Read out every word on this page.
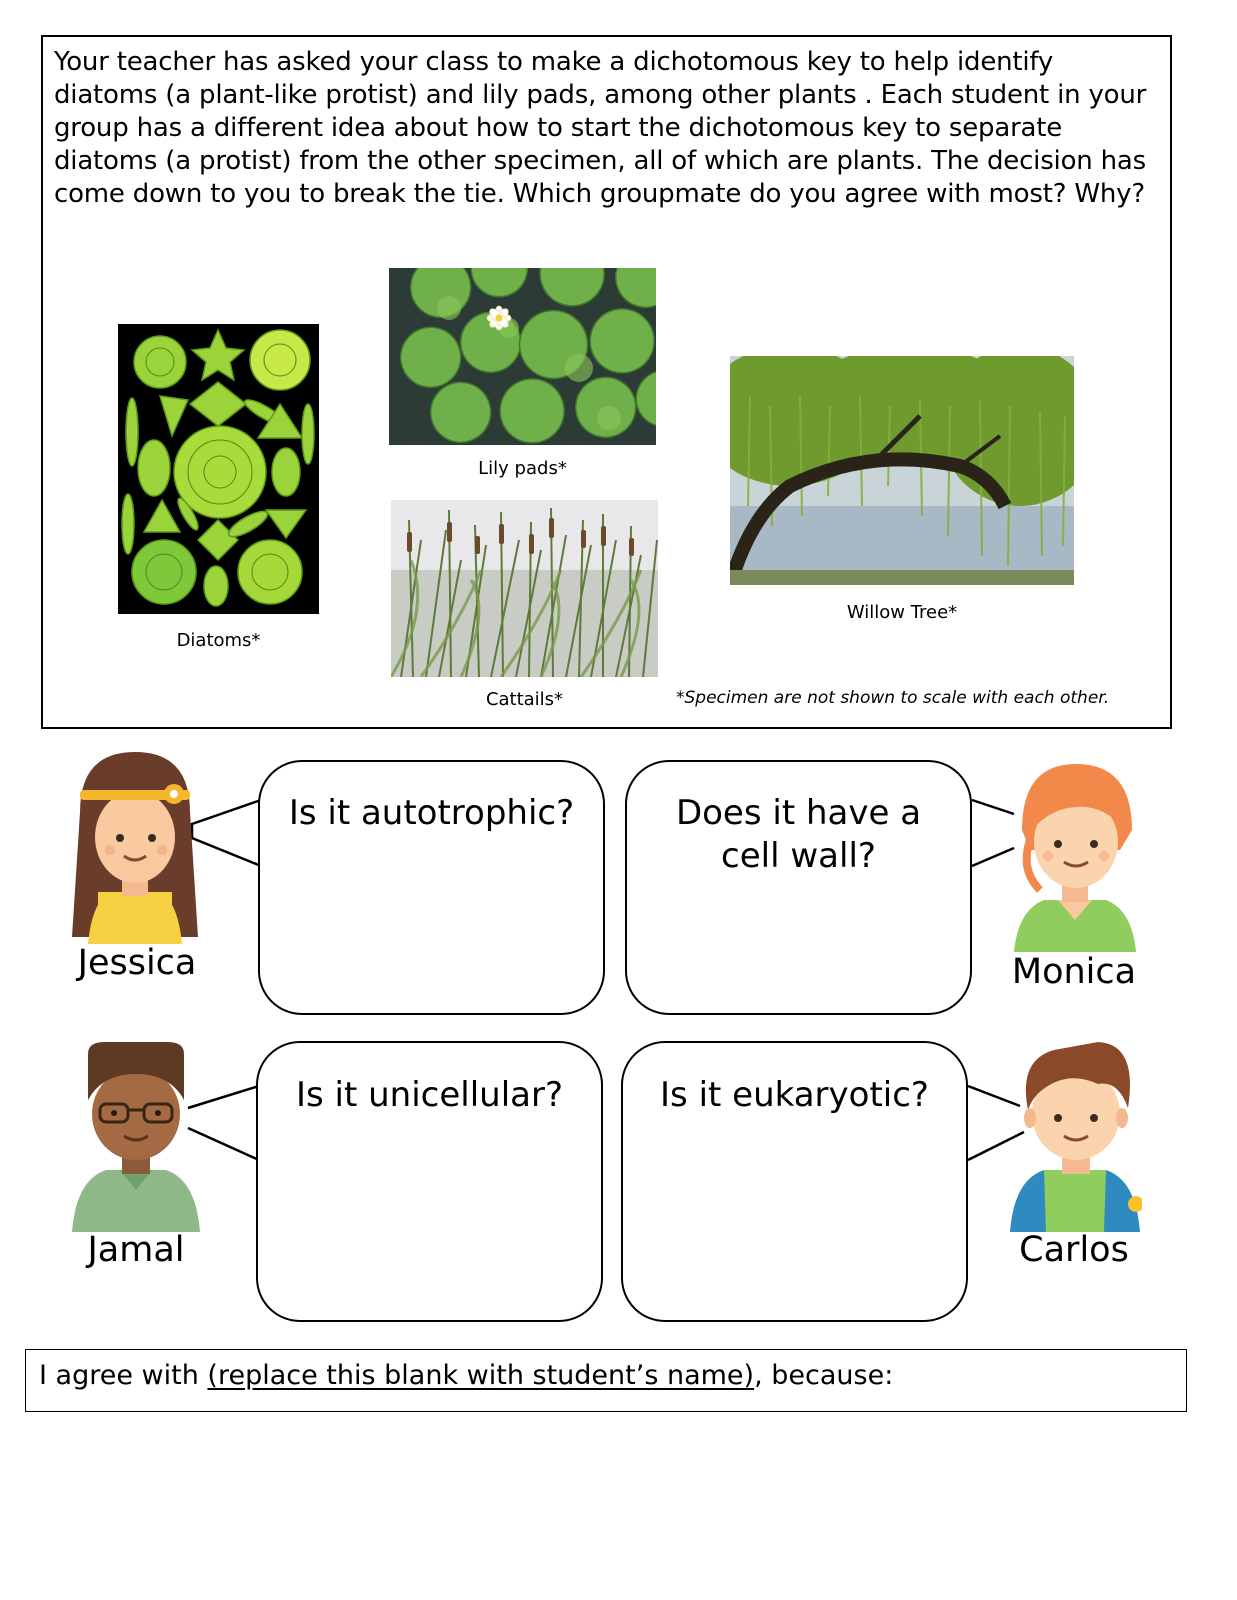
Your teacher has asked your class to make a dichotomous key to help identify diatoms (a plant-like protist) and lily pads, among other plants . Each student in your group has a different idea about how to start the dichotomous key to separate diatoms (a protist) from the other specimen, all of which are plants. The decision has come down to you to break the tie. Which groupmate do you agree with most? Why?
Diatoms*
Lily pads*
Cattails*
Willow Tree*
*Specimen are not shown to scale with each other.
Is it autotrophic?	Does it have a cell wall?
Is it unicellular?	Is it eukaryotic?
Jessica	Monica
Jamal	Carlos
I agree with (replace this blank with student’s name), because:
